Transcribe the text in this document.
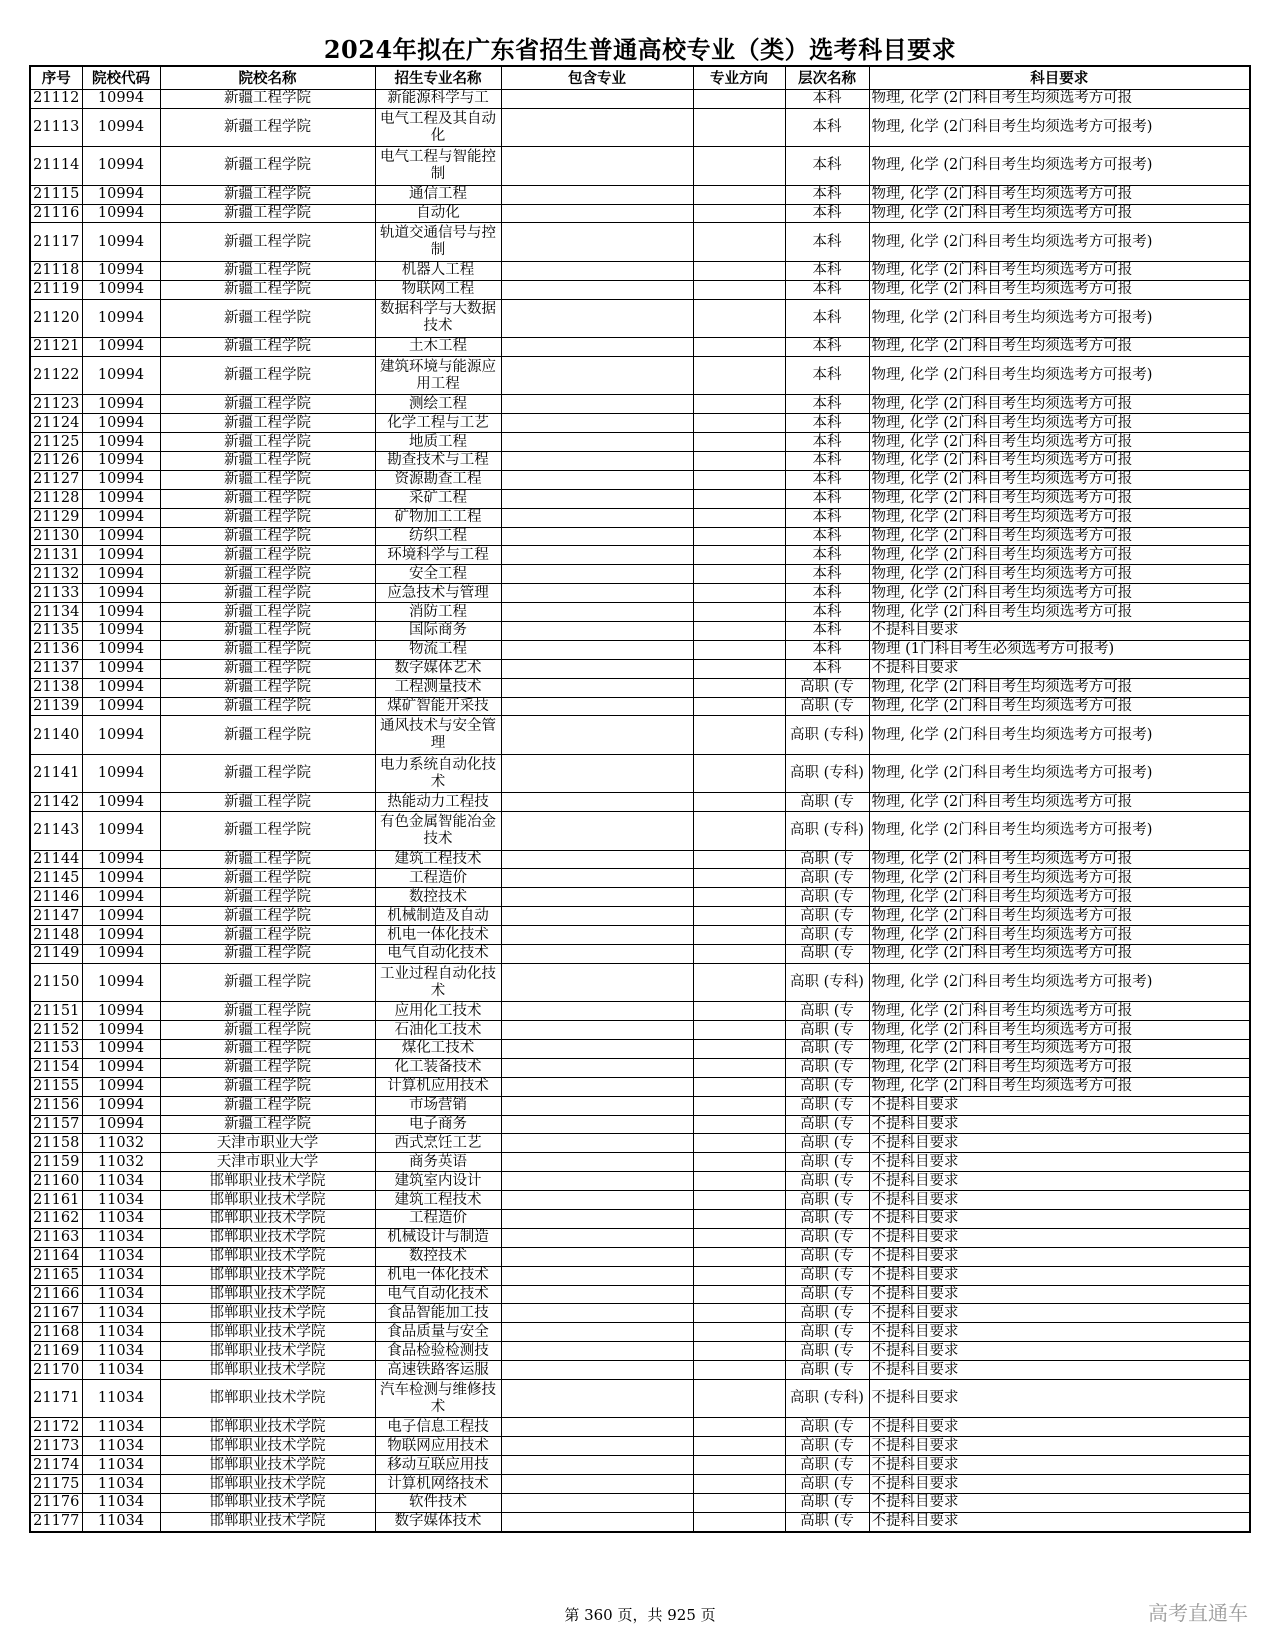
2024年拟在广东省招生普通高校专业（类）选考科目要求
序号	院校代码	院校名称	招生专业名称	包含专业	专业方向	层次名称	科目要求
21112	10994	新疆工程学院	新能源科学与工			本科	物理, 化学 (2门科目考生均须选考方可报
21113	10994	新疆工程学院	电气工程及其自动化			本科	物理, 化学 (2门科目考生均须选考方可报考)
21114	10994	新疆工程学院	电气工程与智能控制			本科	物理, 化学 (2门科目考生均须选考方可报考)
21115	10994	新疆工程学院	通信工程			本科	物理, 化学 (2门科目考生均须选考方可报
21116	10994	新疆工程学院	自动化			本科	物理, 化学 (2门科目考生均须选考方可报
21117	10994	新疆工程学院	轨道交通信号与控制			本科	物理, 化学 (2门科目考生均须选考方可报考)
21118	10994	新疆工程学院	机器人工程			本科	物理, 化学 (2门科目考生均须选考方可报
21119	10994	新疆工程学院	物联网工程			本科	物理, 化学 (2门科目考生均须选考方可报
21120	10994	新疆工程学院	数据科学与大数据技术			本科	物理, 化学 (2门科目考生均须选考方可报考)
21121	10994	新疆工程学院	土木工程			本科	物理, 化学 (2门科目考生均须选考方可报
21122	10994	新疆工程学院	建筑环境与能源应用工程			本科	物理, 化学 (2门科目考生均须选考方可报考)
21123	10994	新疆工程学院	测绘工程			本科	物理, 化学 (2门科目考生均须选考方可报
21124	10994	新疆工程学院	化学工程与工艺			本科	物理, 化学 (2门科目考生均须选考方可报
21125	10994	新疆工程学院	地质工程			本科	物理, 化学 (2门科目考生均须选考方可报
21126	10994	新疆工程学院	勘查技术与工程			本科	物理, 化学 (2门科目考生均须选考方可报
21127	10994	新疆工程学院	资源勘查工程			本科	物理, 化学 (2门科目考生均须选考方可报
21128	10994	新疆工程学院	采矿工程			本科	物理, 化学 (2门科目考生均须选考方可报
21129	10994	新疆工程学院	矿物加工工程			本科	物理, 化学 (2门科目考生均须选考方可报
21130	10994	新疆工程学院	纺织工程			本科	物理, 化学 (2门科目考生均须选考方可报
21131	10994	新疆工程学院	环境科学与工程			本科	物理, 化学 (2门科目考生均须选考方可报
21132	10994	新疆工程学院	安全工程			本科	物理, 化学 (2门科目考生均须选考方可报
21133	10994	新疆工程学院	应急技术与管理			本科	物理, 化学 (2门科目考生均须选考方可报
21134	10994	新疆工程学院	消防工程			本科	物理, 化学 (2门科目考生均须选考方可报
21135	10994	新疆工程学院	国际商务			本科	不提科目要求
21136	10994	新疆工程学院	物流工程			本科	物理 (1门科目考生必须选考方可报考)
21137	10994	新疆工程学院	数字媒体艺术			本科	不提科目要求
21138	10994	新疆工程学院	工程测量技术			高职 (专	物理, 化学 (2门科目考生均须选考方可报
21139	10994	新疆工程学院	煤矿智能开采技			高职 (专	物理, 化学 (2门科目考生均须选考方可报
21140	10994	新疆工程学院	通风技术与安全管理			高职 (专科)	物理, 化学 (2门科目考生均须选考方可报考)
21141	10994	新疆工程学院	电力系统自动化技术			高职 (专科)	物理, 化学 (2门科目考生均须选考方可报考)
21142	10994	新疆工程学院	热能动力工程技			高职 (专	物理, 化学 (2门科目考生均须选考方可报
21143	10994	新疆工程学院	有色金属智能冶金技术			高职 (专科)	物理, 化学 (2门科目考生均须选考方可报考)
21144	10994	新疆工程学院	建筑工程技术			高职 (专	物理, 化学 (2门科目考生均须选考方可报
21145	10994	新疆工程学院	工程造价			高职 (专	物理, 化学 (2门科目考生均须选考方可报
21146	10994	新疆工程学院	数控技术			高职 (专	物理, 化学 (2门科目考生均须选考方可报
21147	10994	新疆工程学院	机械制造及自动			高职 (专	物理, 化学 (2门科目考生均须选考方可报
21148	10994	新疆工程学院	机电一体化技术			高职 (专	物理, 化学 (2门科目考生均须选考方可报
21149	10994	新疆工程学院	电气自动化技术			高职 (专	物理, 化学 (2门科目考生均须选考方可报
21150	10994	新疆工程学院	工业过程自动化技术			高职 (专科)	物理, 化学 (2门科目考生均须选考方可报考)
21151	10994	新疆工程学院	应用化工技术			高职 (专	物理, 化学 (2门科目考生均须选考方可报
21152	10994	新疆工程学院	石油化工技术			高职 (专	物理, 化学 (2门科目考生均须选考方可报
21153	10994	新疆工程学院	煤化工技术			高职 (专	物理, 化学 (2门科目考生均须选考方可报
21154	10994	新疆工程学院	化工装备技术			高职 (专	物理, 化学 (2门科目考生均须选考方可报
21155	10994	新疆工程学院	计算机应用技术			高职 (专	物理, 化学 (2门科目考生均须选考方可报
21156	10994	新疆工程学院	市场营销			高职 (专	不提科目要求
21157	10994	新疆工程学院	电子商务			高职 (专	不提科目要求
21158	11032	天津市职业大学	西式烹饪工艺			高职 (专	不提科目要求
21159	11032	天津市职业大学	商务英语			高职 (专	不提科目要求
21160	11034	邯郸职业技术学院	建筑室内设计			高职 (专	不提科目要求
21161	11034	邯郸职业技术学院	建筑工程技术			高职 (专	不提科目要求
21162	11034	邯郸职业技术学院	工程造价			高职 (专	不提科目要求
21163	11034	邯郸职业技术学院	机械设计与制造			高职 (专	不提科目要求
21164	11034	邯郸职业技术学院	数控技术			高职 (专	不提科目要求
21165	11034	邯郸职业技术学院	机电一体化技术			高职 (专	不提科目要求
21166	11034	邯郸职业技术学院	电气自动化技术			高职 (专	不提科目要求
21167	11034	邯郸职业技术学院	食品智能加工技			高职 (专	不提科目要求
21168	11034	邯郸职业技术学院	食品质量与安全			高职 (专	不提科目要求
21169	11034	邯郸职业技术学院	食品检验检测技			高职 (专	不提科目要求
21170	11034	邯郸职业技术学院	高速铁路客运服			高职 (专	不提科目要求
21171	11034	邯郸职业技术学院	汽车检测与维修技术			高职 (专科)	不提科目要求
21172	11034	邯郸职业技术学院	电子信息工程技			高职 (专	不提科目要求
21173	11034	邯郸职业技术学院	物联网应用技术			高职 (专	不提科目要求
21174	11034	邯郸职业技术学院	移动互联应用技			高职 (专	不提科目要求
21175	11034	邯郸职业技术学院	计算机网络技术			高职 (专	不提科目要求
21176	11034	邯郸职业技术学院	软件技术			高职 (专	不提科目要求
21177	11034	邯郸职业技术学院	数字媒体技术			高职 (专	不提科目要求
第 360 页，共 925 页	高考直通车
